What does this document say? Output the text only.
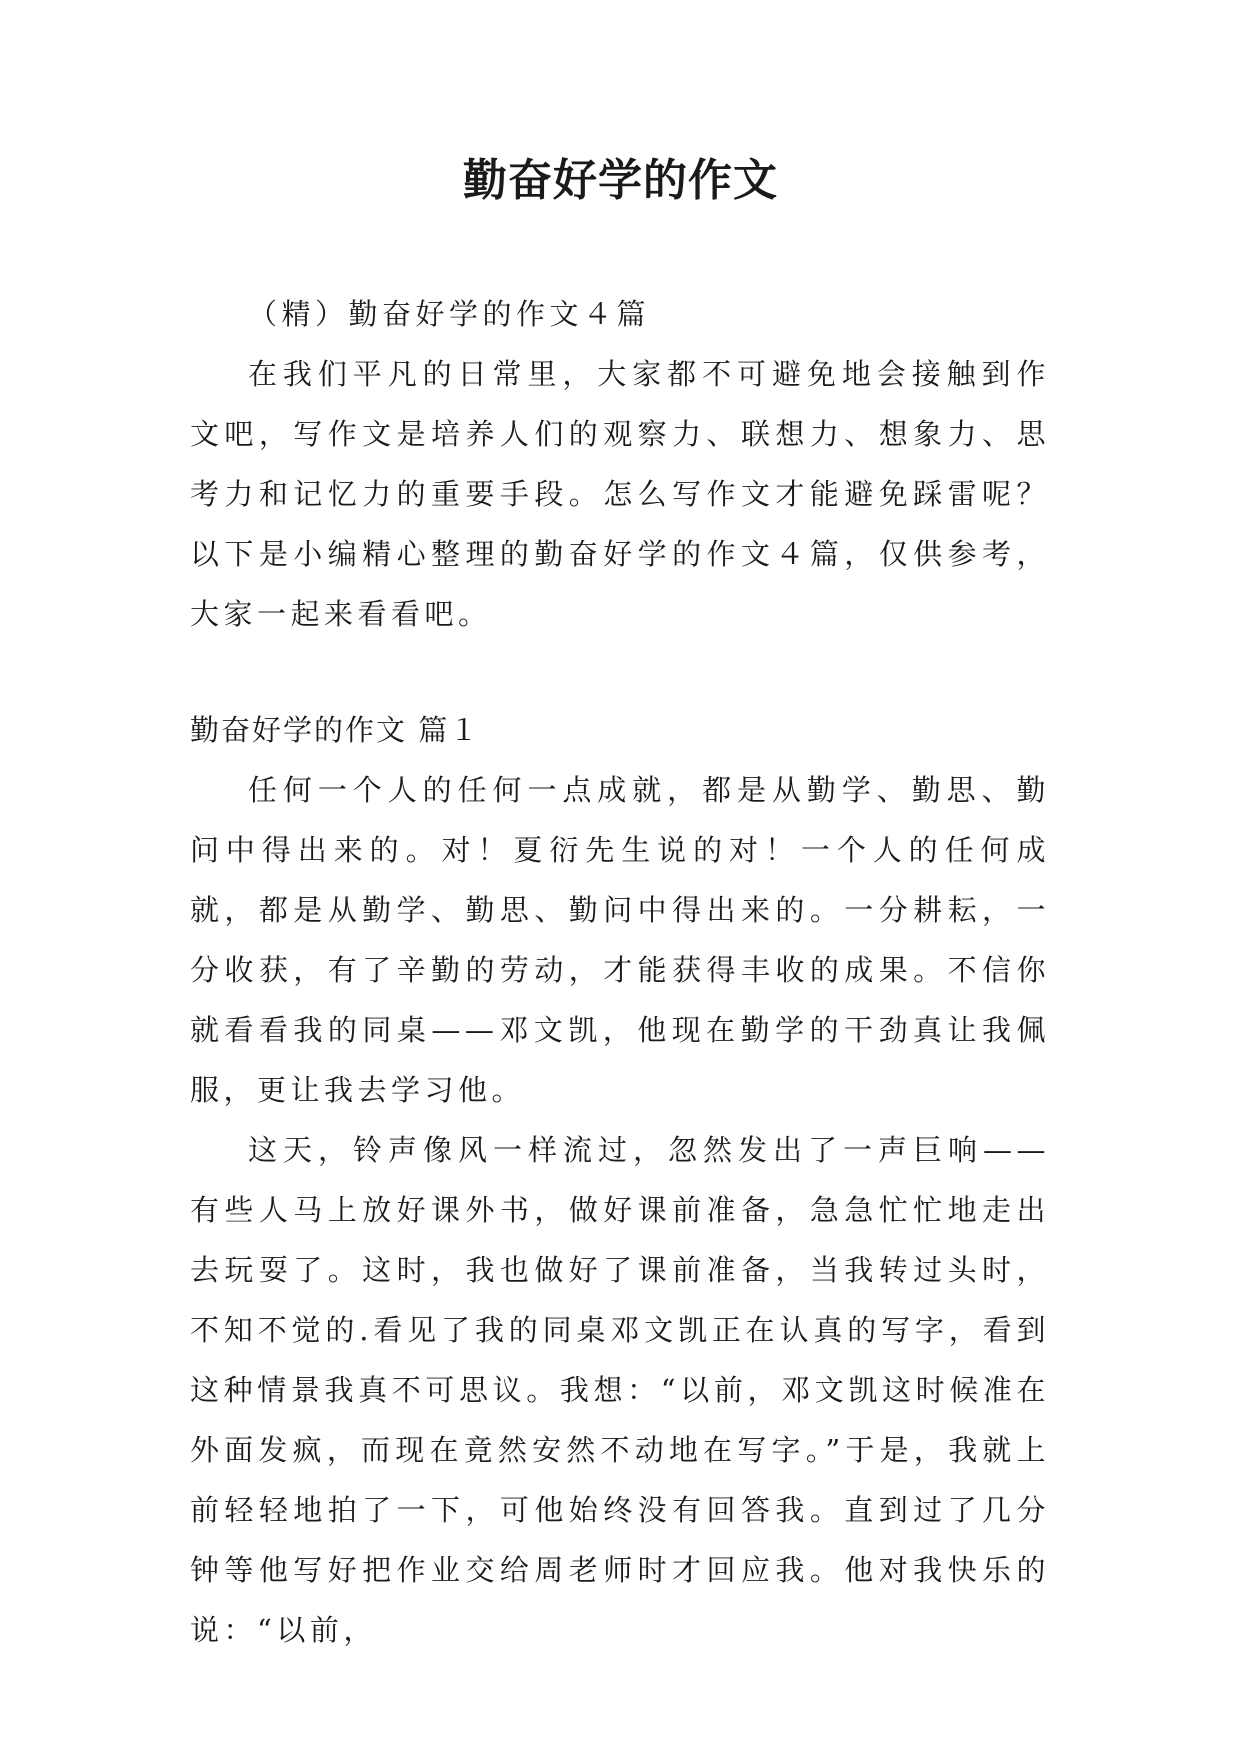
勤奋好学的作文

（精）勤奋好学的作文４篇

在我们平凡的日常里，大家都不可避免地会接触到作文吧，写作文是培养人们的观察力、联想力、想象力、思考力和记忆力的重要手段。怎么写作文才能避免踩雷呢？以下是小编精心整理的勤奋好学的作文４篇，仅供参考，大家一起来看看吧。

勤奋好学的作文 篇１

任何一个人的任何一点成就，都是从勤学、勤思、勤问中得出来的。对！夏衍先生说的对！一个人的任何成就，都是从勤学、勤思、勤问中得出来的。一分耕耘，一分收获，有了辛勤的劳动，才能获得丰收的成果。不信你就看看我的同桌——邓文凯，他现在勤学的干劲真让我佩服，更让我去学习他。

这天，铃声像风一样流过，忽然发出了一声巨响——有些人马上放好课外书，做好课前准备，急急忙忙地走出去玩耍了。这时，我也做好了课前准备，当我转过头时，不知不觉的.看见了我的同桌邓文凯正在认真的写字，看到这种情景我真不可思议。我想：“以前，邓文凯这时候准在外面发疯，而现在竟然安然不动地在写字。”于是，我就上前轻轻地拍了一下，可他始终没有回答我。直到过了几分钟等他写好把作业交给周老师时才回应我。他对我快乐的说：“以前，
